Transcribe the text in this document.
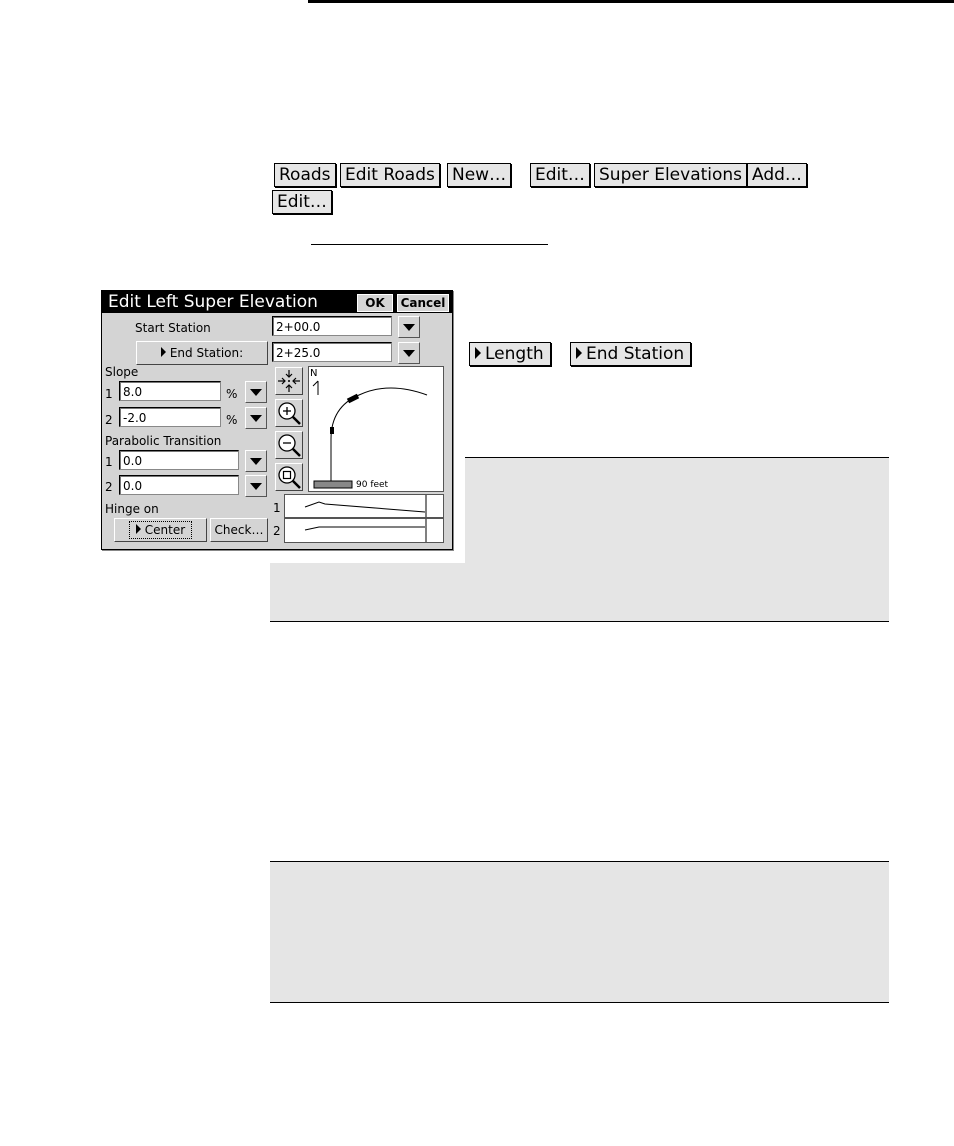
Roads Edit Roads New… Edit… Super Elevations Add…
Edit…
Length	End Station
Edit Left Super Elevation	OK	Cancel
Start Station	2+00.0
End Station:	2+25.0
Slope
1 8.0	%
2 -2.0	%
Parabolic Transition
1 0.0
2 0.0
Hinge on
Center	Check…
N
90 feet
1
2
